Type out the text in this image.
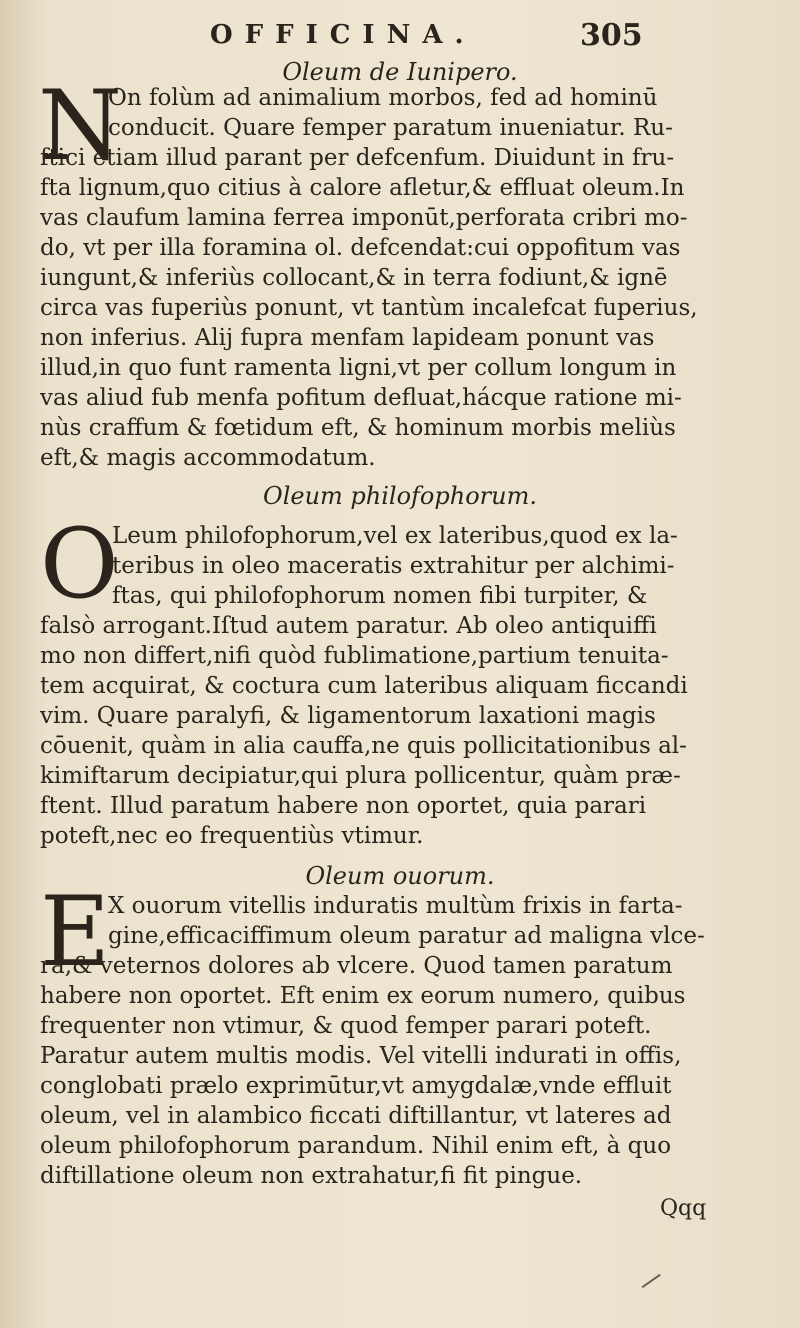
OFFICINA.	305
Oleum de Iunipero.
N
On folùm ad animalium morbos, fed ad hominū
conducit. Quare femper paratum inueniatur. Ru-
ftici etiam illud parant per defcenfum. Diuidunt in fru-
fta lignum,quo citius à calore afletur,& effluat oleum.In
vas claufum lamina ferrea imponūt,perforata cribri mo-
do, vt per illa foramina ol. defcendat:cui oppofitum vas
iungunt,& inferiùs collocant,& in terra fodiunt,& ignē
circa vas fuperiùs ponunt, vt tantùm incalefcat fuperius,
non inferius. Alij fupra menfam lapideam ponunt vas
illud,in quo funt ramenta ligni,vt per collum longum in
vas aliud fub menfa pofitum defluat,hácque ratione mi-
nùs craffum & fœtidum eft, & hominum morbis meliùs
eft,& magis accommodatum.
Oleum philofophorum.
O
Leum philofophorum,vel ex lateribus,quod ex la-
teribus in oleo maceratis extrahitur per alchimi-
ftas, qui philofophorum nomen fibi turpiter, &
falsò arrogant.Iſtud autem paratur. Ab oleo antiquiffi
mo non differt,nifi quòd fublimatione,partium tenuita-
tem acquirat, & coctura cum lateribus aliquam ficcandi
vim. Quare paralyfi, & ligamentorum laxationi magis
cōuenit, quàm in alia cauffa,ne quis pollicitationibus al-
kimiftarum decipiatur,qui plura pollicentur, quàm præ-
ftent. Illud paratum habere non oportet, quia parari
poteft,nec eo frequentiùs vtimur.
Oleum ouorum.
E
X ouorum vitellis induratis multùm frixis in farta-
gine,efficaciffimum oleum paratur ad maligna vlce-
ra,& veternos dolores ab vlcere. Quod tamen paratum
habere non oportet. Eft enim ex eorum numero, quibus
frequenter non vtimur, & quod femper parari poteft.
Paratur autem multis modis. Vel vitelli indurati in offis,
conglobati prælo exprimūtur,vt amygdalæ,vnde effluit
oleum, vel in alambico ficcati diftillantur, vt lateres ad
oleum philofophorum parandum. Nihil enim eft, à quo
diftillatione oleum non extrahatur,fi fit pingue.
Qqq
